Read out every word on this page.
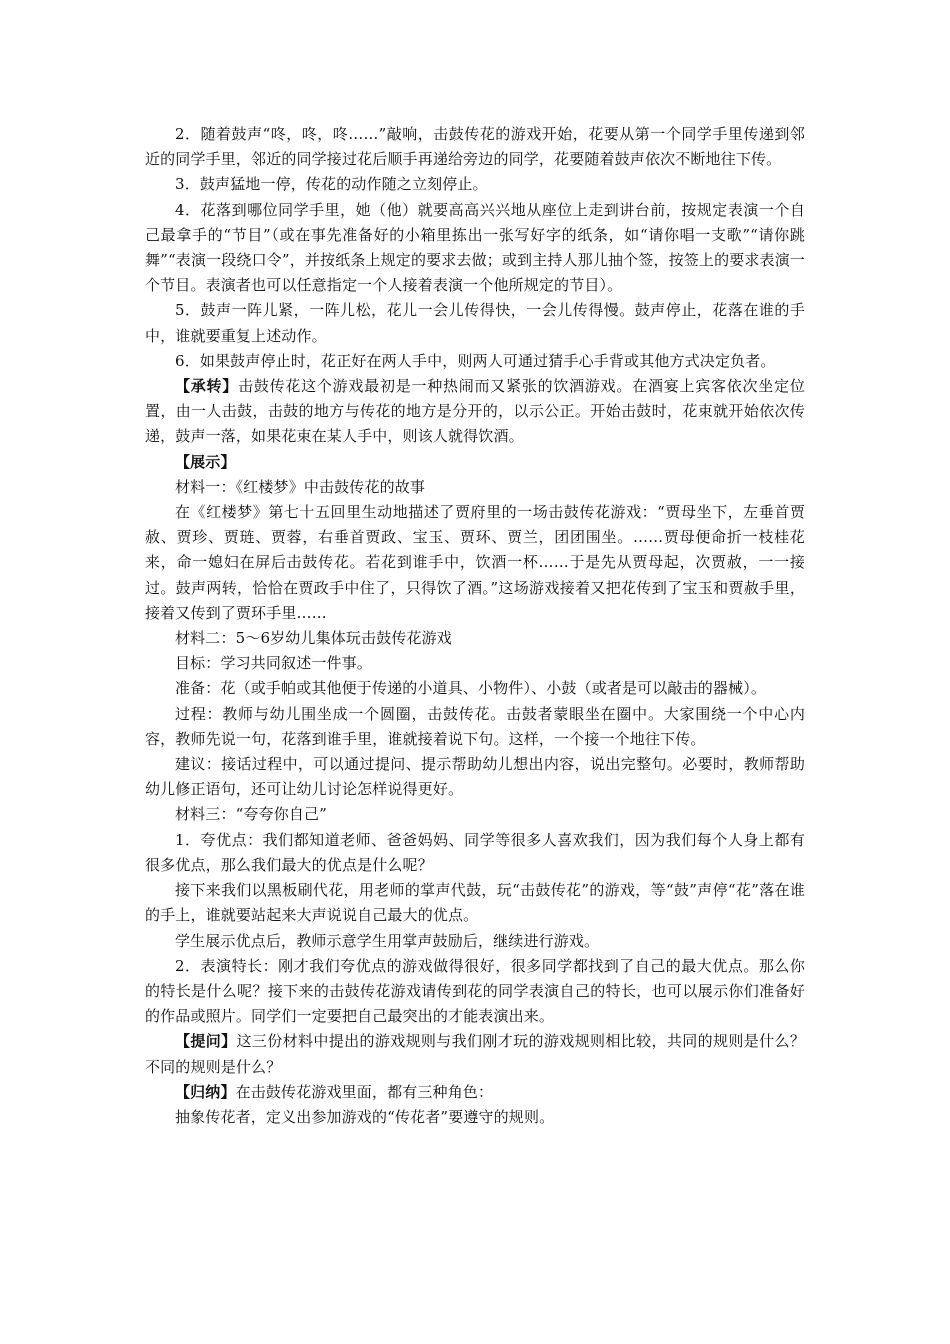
2．随着鼓声“咚，咚，咚……”敲响，击鼓传花的游戏开始，花要从第一个同学手里传递到邻近的同学手里，邻近的同学接过花后顺手再递给旁边的同学，花要随着鼓声依次不断地往下传。

3．鼓声猛地一停，传花的动作随之立刻停止。

4．花落到哪位同学手里，她（他）就要高高兴兴地从座位上走到讲台前，按规定表演一个自己最拿手的“节目”（或在事先准备好的小箱里拣出一张写好字的纸条，如“请你唱一支歌”“请你跳舞”“表演一段绕口令”，并按纸条上规定的要求去做；或到主持人那儿抽个签，按签上的要求表演一个节目。表演者也可以任意指定一个人接着表演一个他所规定的节目）。

5．鼓声一阵儿紧，一阵儿松，花儿一会儿传得快，一会儿传得慢。鼓声停止，花落在谁的手中，谁就要重复上述动作。

6．如果鼓声停止时，花正好在两人手中，则两人可通过猜手心手背或其他方式决定负者。

【承转】击鼓传花这个游戏最初是一种热闹而又紧张的饮酒游戏。在酒宴上宾客依次坐定位置，由一人击鼓，击鼓的地方与传花的地方是分开的，以示公正。开始击鼓时，花束就开始依次传递，鼓声一落，如果花束在某人手中，则该人就得饮酒。

【展示】

材料一：《红楼梦》中击鼓传花的故事

在《红楼梦》第七十五回里生动地描述了贾府里的一场击鼓传花游戏：“贾母坐下，左垂首贾赦、贾珍、贾琏、贾蓉，右垂首贾政、宝玉、贾环、贾兰，团团围坐。……贾母便命折一枝桂花来，命一媳妇在屏后击鼓传花。若花到谁手中，饮酒一杯……于是先从贾母起，次贾赦，一一接过。鼓声两转，恰恰在贾政手中住了，只得饮了酒。”这场游戏接着又把花传到了宝玉和贾赦手里，接着又传到了贾环手里……

材料二：5～6岁幼儿集体玩击鼓传花游戏

目标：学习共同叙述一件事。

准备：花（或手帕或其他便于传递的小道具、小物件）、小鼓（或者是可以敲击的器械）。

过程：教师与幼儿围坐成一个圆圈，击鼓传花。击鼓者蒙眼坐在圈中。大家围绕一个中心内容，教师先说一句，花落到谁手里，谁就接着说下句。这样，一个接一个地往下传。

建议：接话过程中，可以通过提问、提示帮助幼儿想出内容，说出完整句。必要时，教师帮助幼儿修正语句，还可让幼儿讨论怎样说得更好。

材料三：“夸夸你自己”

1．夸优点：我们都知道老师、爸爸妈妈、同学等很多人喜欢我们，因为我们每个人身上都有很多优点，那么我们最大的优点是什么呢？

接下来我们以黑板刷代花，用老师的掌声代鼓，玩“击鼓传花”的游戏，等“鼓”声停“花”落在谁的手上，谁就要站起来大声说说自己最大的优点。

学生展示优点后，教师示意学生用掌声鼓励后，继续进行游戏。

2．表演特长：刚才我们夸优点的游戏做得很好，很多同学都找到了自己的最大优点。那么你的特长是什么呢？接下来的击鼓传花游戏请传到花的同学表演自己的特长，也可以展示你们准备好的作品或照片。同学们一定要把自己最突出的才能表演出来。

【提问】这三份材料中提出的游戏规则与我们刚才玩的游戏规则相比较，共同的规则是什么？不同的规则是什么？

【归纳】在击鼓传花游戏里面，都有三种角色：

抽象传花者，定义出参加游戏的“传花者”要遵守的规则。
